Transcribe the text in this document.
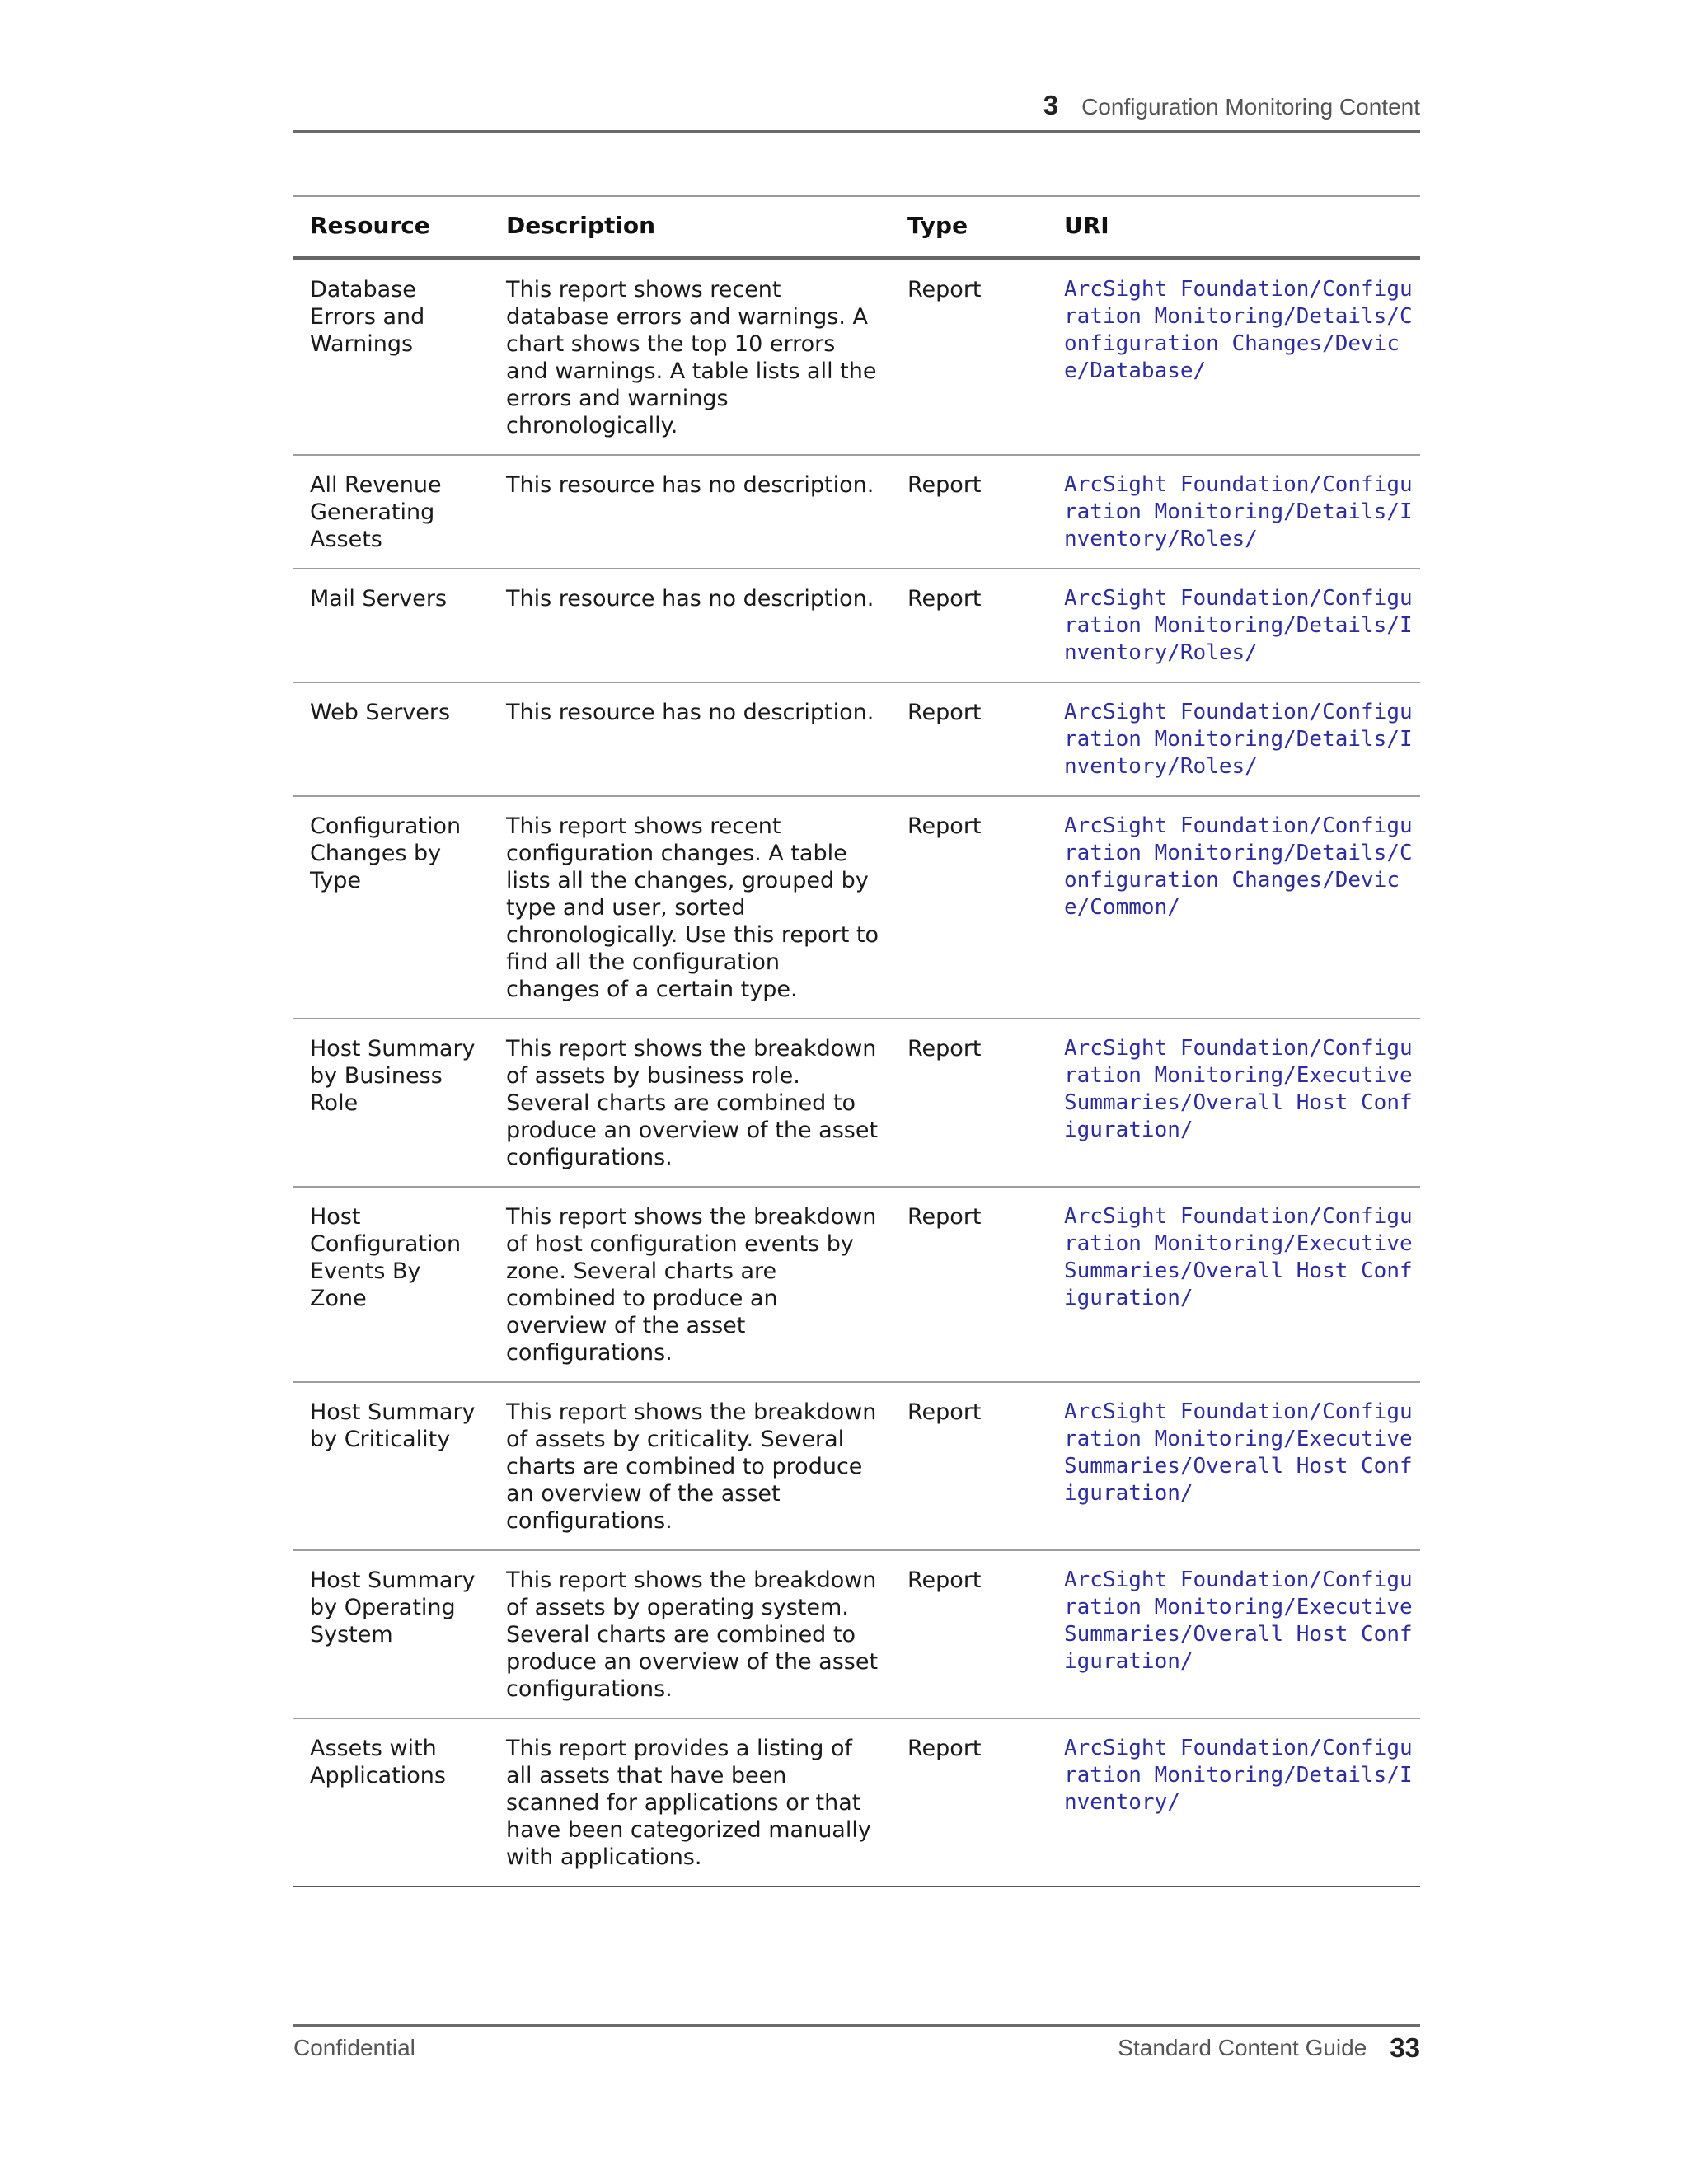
3 Configuration Monitoring Content
Resource	Description	Type	URI
Database Errors and Warnings	This report shows recent database errors and warnings. A chart shows the top 10 errors and warnings. A table lists all the errors and warnings chronologically.	Report	ArcSight Foundation/Configuration Monitoring/Details/Configuration Changes/Device/Database/
All Revenue Generating Assets	This resource has no description.	Report	ArcSight Foundation/Configuration Monitoring/Details/Inventory/Roles/
Mail Servers	This resource has no description.	Report	ArcSight Foundation/Configuration Monitoring/Details/Inventory/Roles/
Web Servers	This resource has no description.	Report	ArcSight Foundation/Configuration Monitoring/Details/Inventory/Roles/
Configuration Changes by Type	This report shows recent configuration changes. A table lists all the changes, grouped by type and user, sorted chronologically. Use this report to find all the configuration changes of a certain type.	Report	ArcSight Foundation/Configuration Monitoring/Details/Configuration Changes/Device/Common/
Host Summary by Business Role	This report shows the breakdown of assets by business role. Several charts are combined to produce an overview of the asset configurations.	Report	ArcSight Foundation/Configuration Monitoring/Executive Summaries/Overall Host Configuration/
Host Configuration Events By Zone	This report shows the breakdown of host configuration events by zone. Several charts are combined to produce an overview of the asset configurations.	Report	ArcSight Foundation/Configuration Monitoring/Executive Summaries/Overall Host Configuration/
Host Summary by Criticality	This report shows the breakdown of assets by criticality. Several charts are combined to produce an overview of the asset configurations.	Report	ArcSight Foundation/Configuration Monitoring/Executive Summaries/Overall Host Configuration/
Host Summary by Operating System	This report shows the breakdown of assets by operating system. Several charts are combined to produce an overview of the asset configurations.	Report	ArcSight Foundation/Configuration Monitoring/Executive Summaries/Overall Host Configuration/
Assets with Applications	This report provides a listing of all assets that have been scanned for applications or that have been categorized manually with applications.	Report	ArcSight Foundation/Configuration Monitoring/Details/Inventory/
Confidential	Standard Content Guide 33
